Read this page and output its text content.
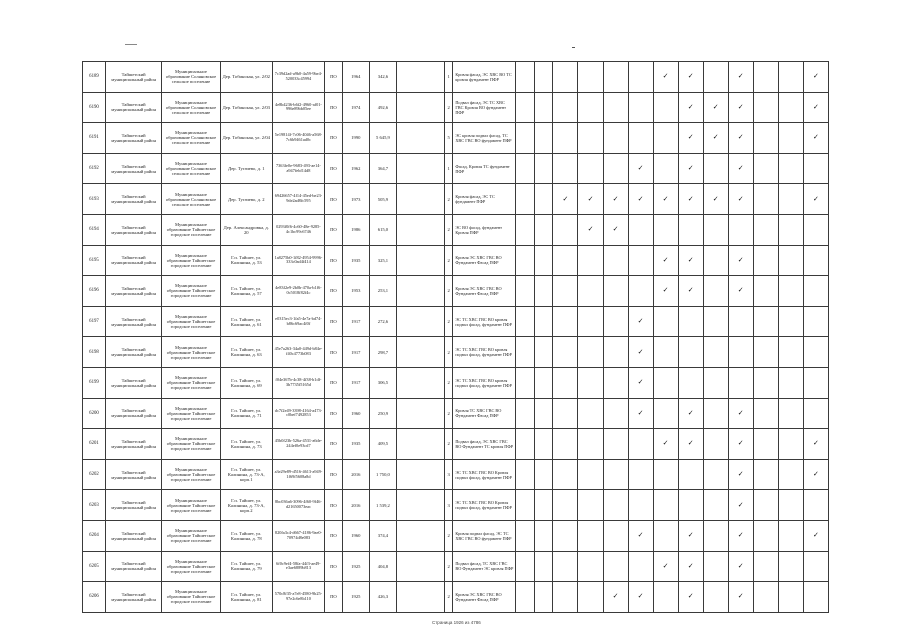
6189	Тайшетский муниципальный район	Муниципальное образование Соляновское сельское поселение	Дер. Тобинская, ул. 2/02	7c39d2ad-a9b0-4a59-9be4-520033c45994	ПО	1964	342,6		1	Кровля фасад, ЭС ХВС ВО ТС кровля фундамент ПФР							✓	✓		✓			✓
6190	Тайшетский муниципальный район	Муниципальное образование Соляновское сельское поселение	Дер. Тобинская, ул. 2/03	4e8b4236-b6f2-4960-af01-996e89bb05ee	ПО	1974	492,6		2	Подвал фасад, ЭС ТС ХВС ГВС Кровля ВО фундамент ПФР								✓	✓	✓			✓
6191	Тайшетский муниципальный район	Муниципальное образование Соляновское сельское поселение	Дер. Тобинская, ул. 2/04	5e19814f-7c06-4046-a568-7c6b9461ad0c	ПО	1990	5 645,9		5	ЭС кровля подвал фасад, ТС ХВС ГВС ВО фундамент ПФР								✓	✓	✓			✓
6192	Тайшетский муниципальный район	Муниципальное образование Соляновское сельское поселение	Дер. Тугачево, д. 1	7363fe0e-9683-493-ae14-a947febf14d8	ПО	1962	364,7		1	Фасад, Кровля ТС фундамент ПФР						✓		✓		✓			
6193	Тайшетский муниципальный район	Муниципальное образование Соляновское сельское поселение	Дер. Тугачево, д. 2	69426657-4f14-45ed-be23-9de2ad8fc595	ПО	1973	505,9		2	Кровля фасад, ЭС ТС фундамент ПФР			✓	✓	✓	✓	✓	✓	✓	✓			✓
6194	Тайшетский муниципальный район	Муниципальное образование Тайшетское городское поселение	Дер. Александровка, д. 20	0293f0f6-4c60-48e-9285-4c1bc99c6746	ПО	1986	615,0		2	ЭС ВО фасад, фундамент Кровля ПФР				✓	✓								
6195	Тайшетский муниципальный район	Муниципальное образование Тайшетское городское поселение	Г.п. Тайшет, ул. Калинина, д. 53	1a8275b0-1f82-4954-9996-333c0ad4f414	ПО	1935	325,1		2	Кровля ЭС ХВС ГВС ВО Фундамент Фасад ПФР							✓	✓		✓			
6196	Тайшетский муниципальный район	Муниципальное образование Тайшетское городское поселение	Г.п. Тайшет, ул. Калинина, д. 57	4e83f2e9-2b0b-470a-b1f6-0c5018f82f4c	ПО	1953	253,1		2	Кровля ЭС ХВС ГВС ВО Фундамент Фасад ПФР							✓	✓		✓			
6197	Тайшетский муниципальный район	Муниципальное образование Тайшетское городское поселение	Г.п. Тайшет, ул. Калинина, д. 61	e0315ec3-1fa5-4e7a-bd74-b86c69ac4f0f	ПО	1917	272,6		2	ЭС ТС ХВС ГВС ВО кровля подвал фасад, фундамент ПФР						✓							
6198	Тайшетский муниципальный район	Муниципальное образование Тайшетское городское поселение	Г.п. Тайшет, ул. Калинина, д. 63	45e7a263-34a0-449d-b84e-f40c4773b083	ПО	1917	298,7		2	ЭС ТС ХВС ГВС ВО кровля подвал фасад, фундамент ПФР						✓							
6199	Тайшетский муниципальный район	Муниципальное образование Тайшетское городское поселение	Г.п. Тайшет, ул. Калинина, д. 69	f04e367b-4c38-4f38-b1df-3b7735f5165d	ПО	1917	306,5		2	ЭС ТС ХВС ГВС ВО кровля подвал фасад, фундамент ПФР						✓							
6200	Тайшетский муниципальный район	Муниципальное образование Тайшетское городское поселение	Г.п. Тайшет, ул. Калинина, д. 71	dc7f2e49-3398-4164-a473-c0bef7492853	ПО	1960	250,9		2	Кровля ТС ХВС ГВС ВО Фундамент Фасад ПФР						✓		✓		✓			
6201	Тайшетский муниципальный район	Муниципальное образование Тайшетское городское поселение	Г.п. Тайшет, ул. Калинина, д. 73	45b0f23b-526a-4531-a6de-244ef0e93cd7	ПО	1935	409,5		2	Подвал фасад, ЭС ХВС ГВС ВО Фундамент ТС кровля ПФР							✓	✓		✓			✓
6202	Тайшетский муниципальный район	Муниципальное образование Тайшетское городское поселение	Г.п. Тайшет, ул. Калинина, д. 73-А, корп.1	a3e29e89-d516-4613-a949-1f69f5608a8d	ПО	2016	1 750,0		3	ЭС ТС ХВС ГВС ВО Кровля подвал фасад, фундамент ПФР										✓			✓
6203	Тайшетский муниципальный район	Муниципальное образование Тайшетское городское поселение	Г.п. Тайшет, ул. Калинина, д. 73-А, корп.2	8bc036a6-3096-4f60-9f46-d21650073eac	ПО	2016	1 539,2		3	ЭС ТС ХВС ГВС ВО Кровля подвал фасад, фундамент ПФР										✓			
6204	Тайшетский муниципальный район	Муниципальное образование Тайшетское городское поселение	Г.п. Тайшет, ул. Калинина, д. 78	820fa3c4-d667-4186-9ae0-70974d8e083	ПО	1960	374,4		2	Кровля подвал фасад, ЭС ТС ХВС ГВС ВО фундамент ПФР						✓		✓		✓			✓
6205	Тайшетский муниципальный район	Муниципальное образование Тайшетское городское поселение	Г.п. Тайшет, ул. Калинина, д. 79	6f0c9ef4-58fa-44f3-ae49-e3ae6889b813	ПО	1925	404,8		2	Подвал фасад, ТС ХВС ГВС ВО Фундамент ЭС кровля ПФР							✓	✓		✓			
6206	Тайшетский муниципальный район	Муниципальное образование Тайшетское городское поселение	Г.п. Тайшет, ул. Калинина, д. 81	570c8f35-a7e8-4580-9b25-97e2c6e8b110	ПО	1925	426,3		2	Кровля ЭС ХВС ГВС ВО Фундамент Фасад ПФР					✓	✓		✓		✓			
Страница 1926 из 4786
